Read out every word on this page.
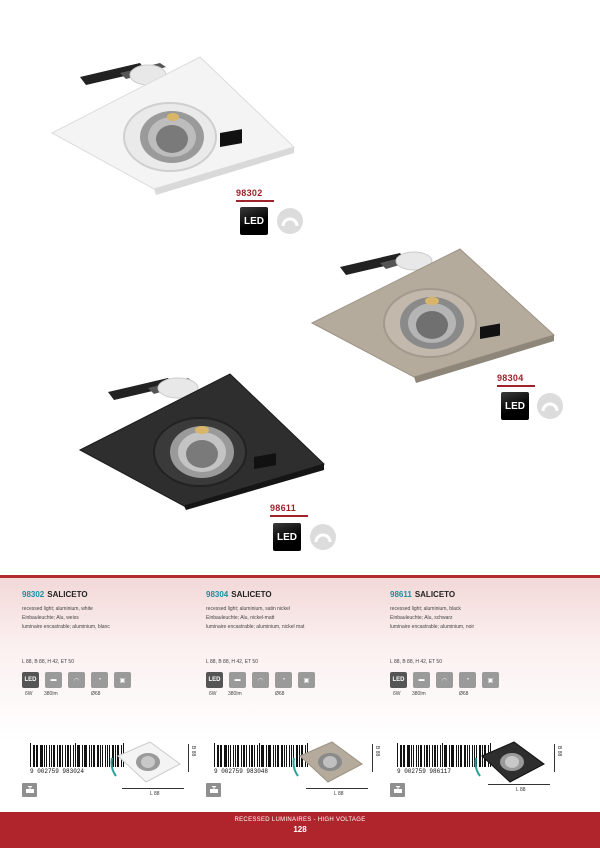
98302
LED
98304
LED
98611
LED
98302 SALICETO
recessed light; aluminium, white
Einbauleuchte; Alu, weiss
luminaire encastrable; aluminium, blanc
L 88, B 88, H 42, ET 50
LED	▬	◠	◔	▣
6W 380lm	Ø68
98304 SALICETO
recessed light; aluminium, satin nickel
Einbauleuchte; Alu, nickel-matt
luminaire encastrable; aluminium, nickel mat
L 88, B 88, H 42, ET 50
LED	▬	◠	◔	▣
6W 380lm	Ø68
98611 SALICETO
recessed light; aluminium, black
Einbauleuchte; Alu, schwarz
luminaire encastrable; aluminium, noir
L 88, B 88, H 42, ET 50
LED	▬	◠	◔	▣
6W 380lm	Ø68
9 002759 983024	9 002759 983048	9 002759 986117
B 88
L 88
B 88
L 88
B 88
L 88
RECESSED LUMINAIRES - HIGH VOLTAGE
128
